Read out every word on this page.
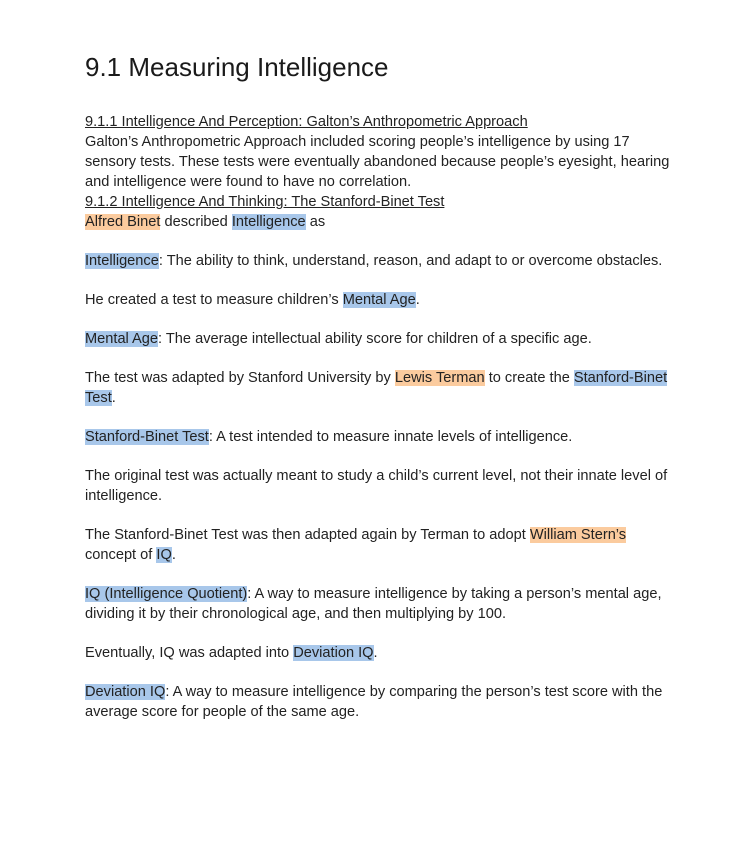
9.1 Measuring Intelligence

9.1.1 Intelligence And Perception: Galton’s Anthropometric Approach

Galton’s Anthropometric Approach included scoring people’s intelligence by using 17 sensory tests. These tests were eventually abandoned because people’s eyesight, hearing and intelligence were found to have no correlation.

9.1.2 Intelligence And Thinking: The Stanford-Binet Test

Alfred Binet described Intelligence as

Intelligence: The ability to think, understand, reason, and adapt to or overcome obstacles.

He created a test to measure children’s Mental Age.

Mental Age: The average intellectual ability score for children of a specific age.

The test was adapted by Stanford University by Lewis Terman to create the Stanford-Binet Test.

Stanford-Binet Test: A test intended to measure innate levels of intelligence.

The original test was actually meant to study a child’s current level, not their innate level of intelligence.

The Stanford-Binet Test was then adapted again by Terman to adopt William Stern’s concept of IQ.

IQ (Intelligence Quotient): A way to measure intelligence by taking a person’s mental age, dividing it by their chronological age, and then multiplying by 100.

Eventually, IQ was adapted into Deviation IQ.

Deviation IQ: A way to measure intelligence by comparing the person’s test score with the average score for people of the same age.
